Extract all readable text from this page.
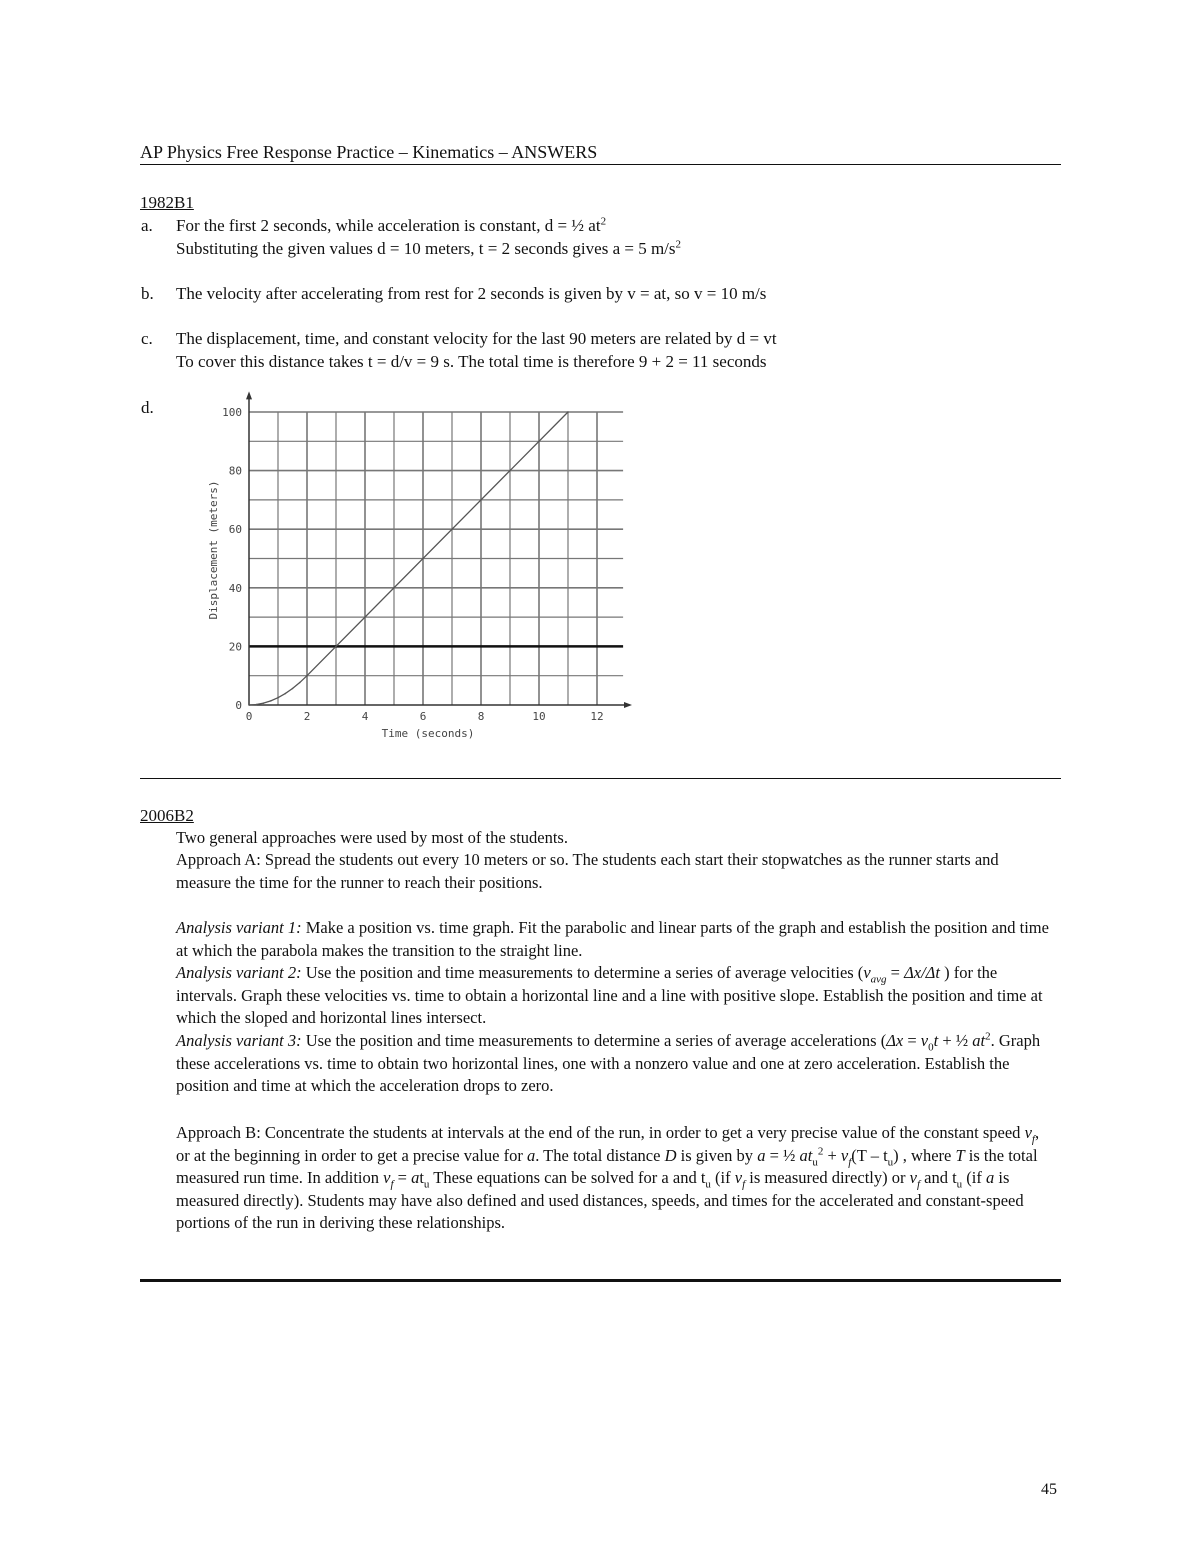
AP Physics Free Response Practice – Kinematics – ANSWERS
1982B1
a. For the first 2 seconds, while acceleration is constant, d = ½ $at^2$
Substituting the given values d = 10 meters, t = 2 seconds gives a = 5 $m/s^2$
b. The velocity after accelerating from rest for 2 seconds is given by v = at, so v = 10 m/s
c. The displacement, time, and constant velocity for the last 90 meters are related by d = vt
To cover this distance takes t = d/v = 9 s. The total time is therefore 9 + 2 = 11 seconds
d.
0	2	4	6	8	10	12
0
20
40
60
80
100
Time (seconds)
Displacement (meters)
2006B2
Two general approaches were used by most of the students.
Approach A: Spread the students out every 10 meters or so. The students each start their stopwatches as the runner starts and measure the time for the runner to reach their positions.
Analysis variant 1: Make a position vs. time graph. Fit the parabolic and linear parts of the graph and establish the position and time at which the parabola makes the transition to the straight line.
Analysis variant 2: Use the position and time measurements to determine a series of average velocities ($v_{avg} = \Delta x/\Delta t$ ) for the intervals. Graph these velocities vs. time to obtain a horizontal line and a line with positive slope. Establish the position and time at which the sloped and horizontal lines intersect.
Analysis variant 3: Use the position and time measurements to determine a series of average accelerations ($\Delta x = v_0t$ + ½ $at^2$. Graph these accelerations vs. time to obtain two horizontal lines, one with a nonzero value and one at zero acceleration. Establish the position and time at which the acceleration drops to zero.
Approach B: Concentrate the students at intervals at the end of the run, in order to get a very precise value of the constant speed $v_f$, or at the beginning in order to get a precise value for a. The total distance D is given by a = ½ $at_u^2 + v_f(T - t_u)$ , where T is the total measured run time. In addition $v_f = at_u$ These equations can be solved for a and $t_u$ (if $v_f$ is measured directly) or $v_f$ and $t_u$ (if a is measured directly). Students may have also defined and used distances, speeds, and times for the accelerated and constant-speed portions of the run in deriving these relationships.
45
